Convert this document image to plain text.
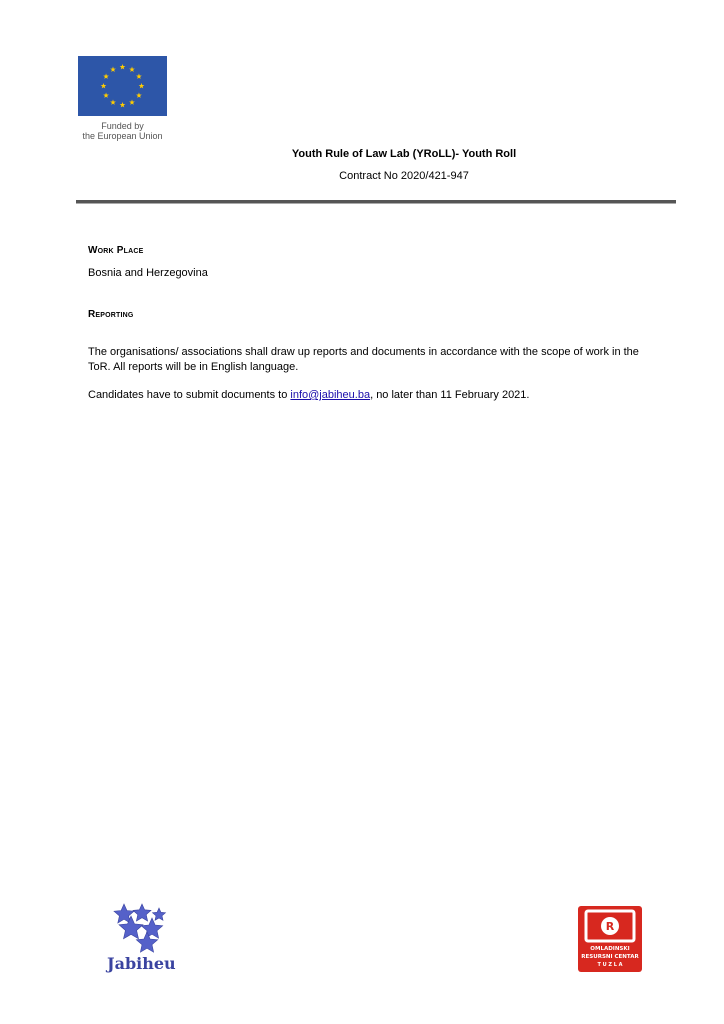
Funded by
the European Union
Youth Rule of Law Lab (YRoLL)- Youth Roll
Contract No 2020/421-947
Work Place
Bosnia and Herzegovina
Reporting
The organisations/ associations shall draw up reports and documents in accordance with the scope of work in the ToR. All reports will be in English language.
Candidates have to submit documents to info@jabiheu.ba, no later than 11 February 2021.
Jabiheu
R
OMLADINSKI
RESURSNI CENTAR
T U Z L A
